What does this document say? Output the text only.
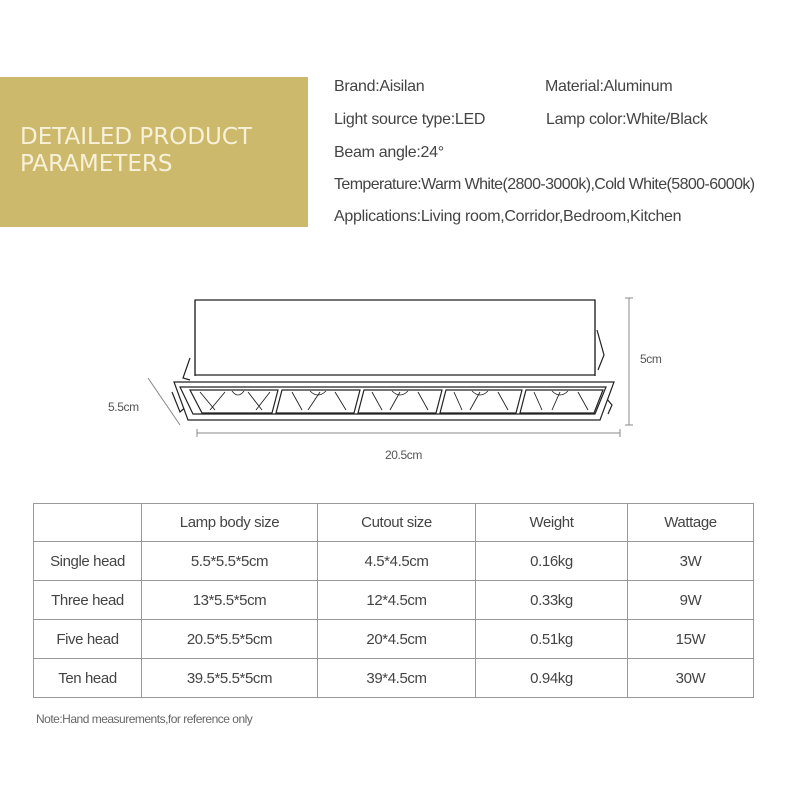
DETAILED PRODUCT
PARAMETERS
Brand:Aisilan	Material:Aluminum
Light source type:LED	Lamp color:White/Black
Beam angle:24°
Temperature:Warm White(2800-3000k),Cold White(5800-6000k)
Applications:Living room,Corridor,Bedroom,Kitchen
5cm
5.5cm
20.5cm
	Lamp body size	Cutout size	Weight	Wattage
Single head	5.5*5.5*5cm	4.5*4.5cm	0.16kg	3W
Three head	13*5.5*5cm	12*4.5cm	0.33kg	9W
Five head	20.5*5.5*5cm	20*4.5cm	0.51kg	15W
Ten head	39.5*5.5*5cm	39*4.5cm	0.94kg	30W
Note:Hand measurements,for reference only
